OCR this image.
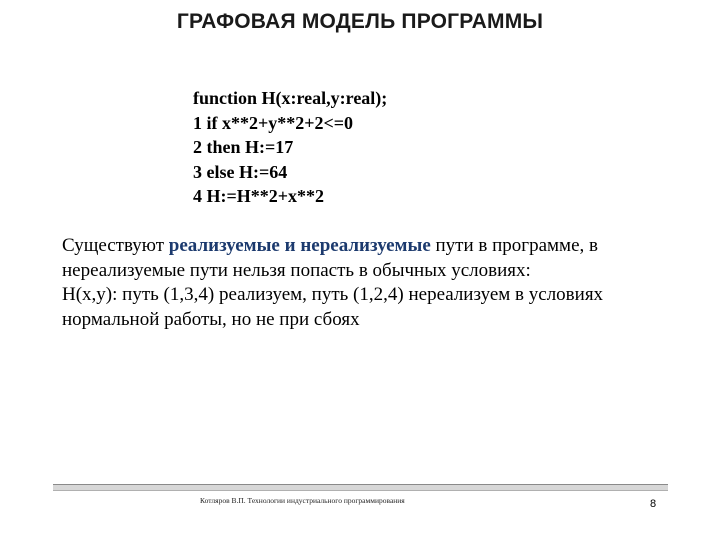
ГРАФОВАЯ МОДЕЛЬ ПРОГРАММЫ
function H(x:real,y:real);
1 if x**2+y**2+2<=0
2 then H:=17
3 else H:=64
4 H:=H**2+x**2
Существуют реализуемые и нереализуемые пути в программе, в нереализуемые пути нельзя попасть в обычных условиях:
H(x,y): путь (1,3,4) реализуем, путь (1,2,4) нереализуем в условиях нормальной работы, но не при сбоях
Котляров В.П. Технологии индустриального программирования	8
